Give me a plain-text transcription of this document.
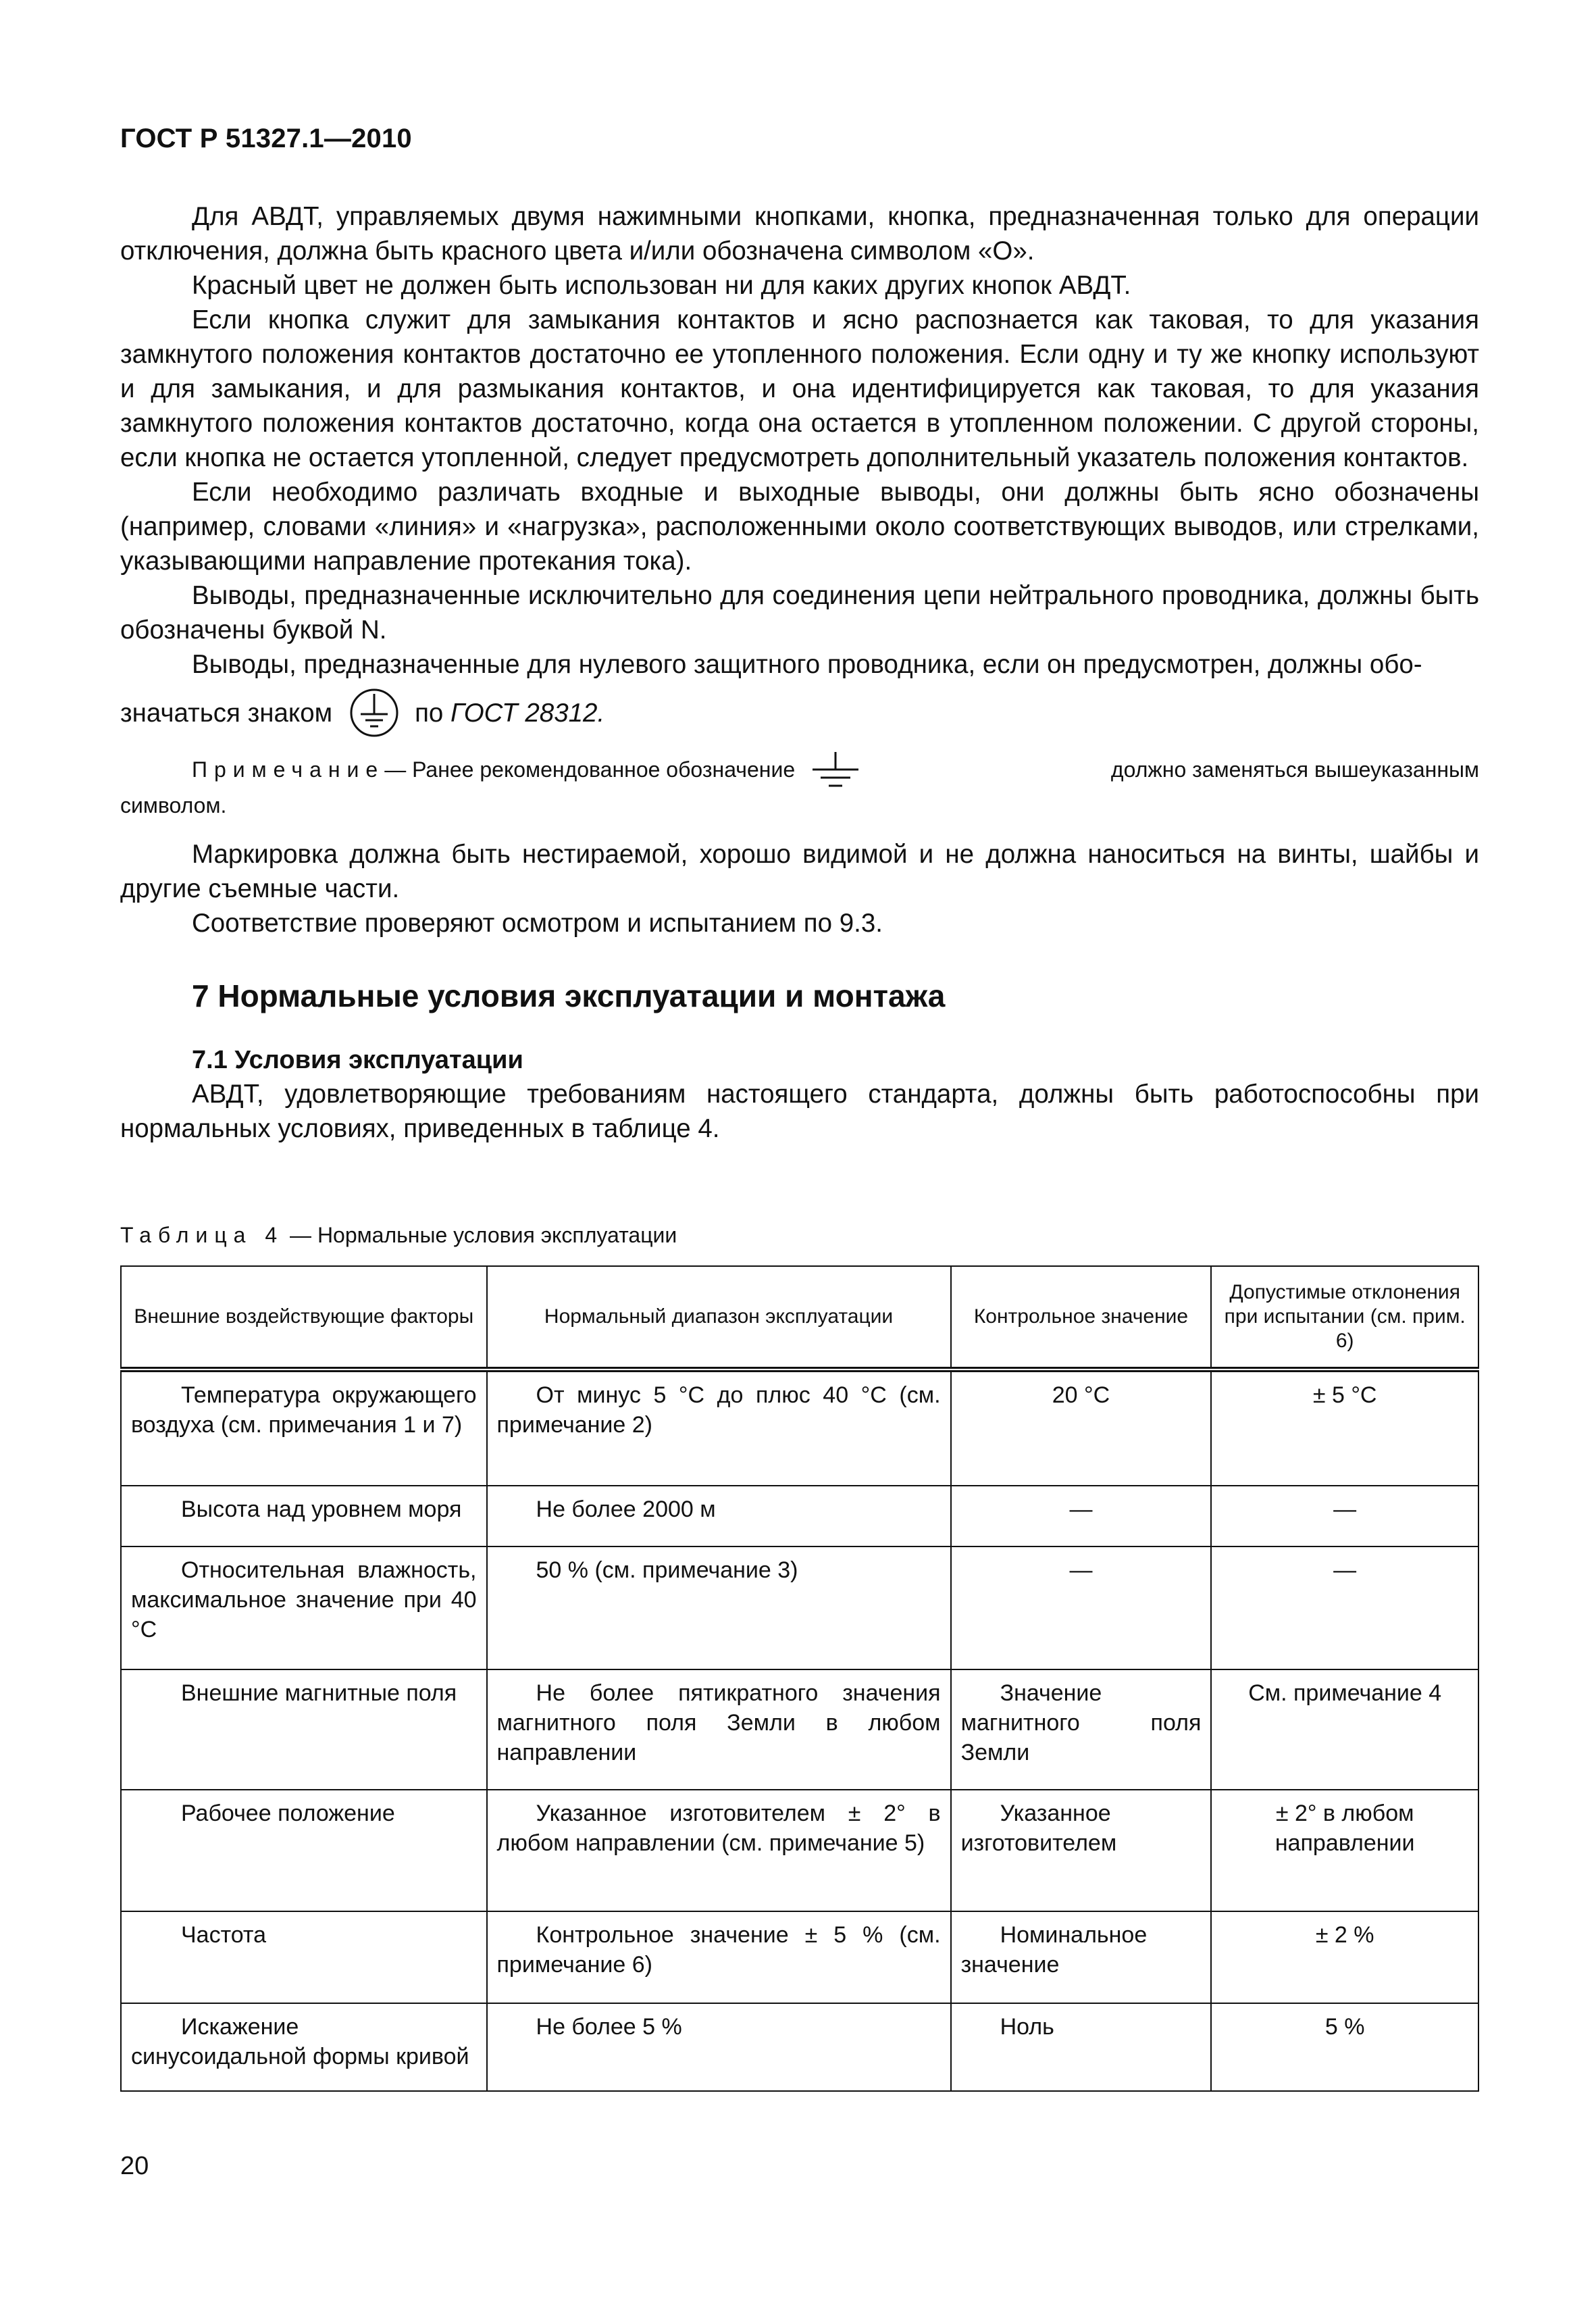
ГОСТ Р 51327.1—2010

Для АВДТ, управляемых двумя нажимными кнопками, кнопка, предназначенная только для операции отключения, должна быть красного цвета и/или обозначена символом «О».

Красный цвет не должен быть использован ни для каких других кнопок АВДТ.

Если кнопка служит для замыкания контактов и ясно распознается как таковая, то для указания замкнутого положения контактов достаточно ее утопленного положения. Если одну и ту же кнопку используют и для замыкания, и для размыкания контактов, и она идентифицируется как таковая, то для указания замкнутого положения контактов достаточно, когда она остается в утопленном положении. С другой стороны, если кнопка не остается утопленной, следует предусмотреть дополнительный указатель положения контактов.

Если необходимо различать входные и выходные выводы, они должны быть ясно обозначены (например, словами «линия» и «нагрузка», расположенными около соответствующих выводов, или стрелками, указывающими направление протекания тока).

Выводы, предназначенные исключительно для соединения цепи нейтрального проводника, должны быть обозначены буквой N.

Выводы, предназначенные для нулевого защитного проводника, если он предусмотрен, должны обо-

значаться знаком	по
ГОСТ 28312.
Примечание — Ранее рекомендованное обозначение	должно заменяться вышеуказанным
символом.

Маркировка должна быть нестираемой, хорошо видимой и не должна наноситься на винты, шайбы и другие съемные части.

Соответствие проверяют осмотром и испытанием по 9.3.

7 Нормальные условия эксплуатации и монтажа
7.1 Условия эксплуатации

АВДТ, удовлетворяющие требованиям настоящего стандарта, должны быть работоспособны при нормальных условиях, приведенных в таблице 4.

Таблица 4 — Нормальные условия эксплуатации
Внешние воздействующие факторы	Нормальный диапазон эксплуатации	Контрольное значение	Допустимые отклонения при испытании (см. прим. 6)
Температура окружающего воздуха (см. примечания 1 и 7)	От минус 5 °С до плюс 40 °С (см. примечание 2)	20 °С	± 5 °С
Высота над уровнем моря	Не более 2000 м	—	—
Относительная влажность, максимальное значение при 40 °С	50 % (см. примечание 3)	—	—
Внешние магнитные поля	Не более пятикратного значения магнитного поля Земли в любом направлении	Значение магнитного поля Земли	См. примечание 4
Рабочее положение	Указанное изготовителем ± 2° в любом направлении (см. примечание 5)	Указанное изготовителем	± 2° в любом направлении
Частота	Контрольное значение ± 5 % (см. примечание 6)	Номинальное значение	± 2 %
Искажение синусоидальной формы кривой	Не более 5 %	Ноль	5 %
20
